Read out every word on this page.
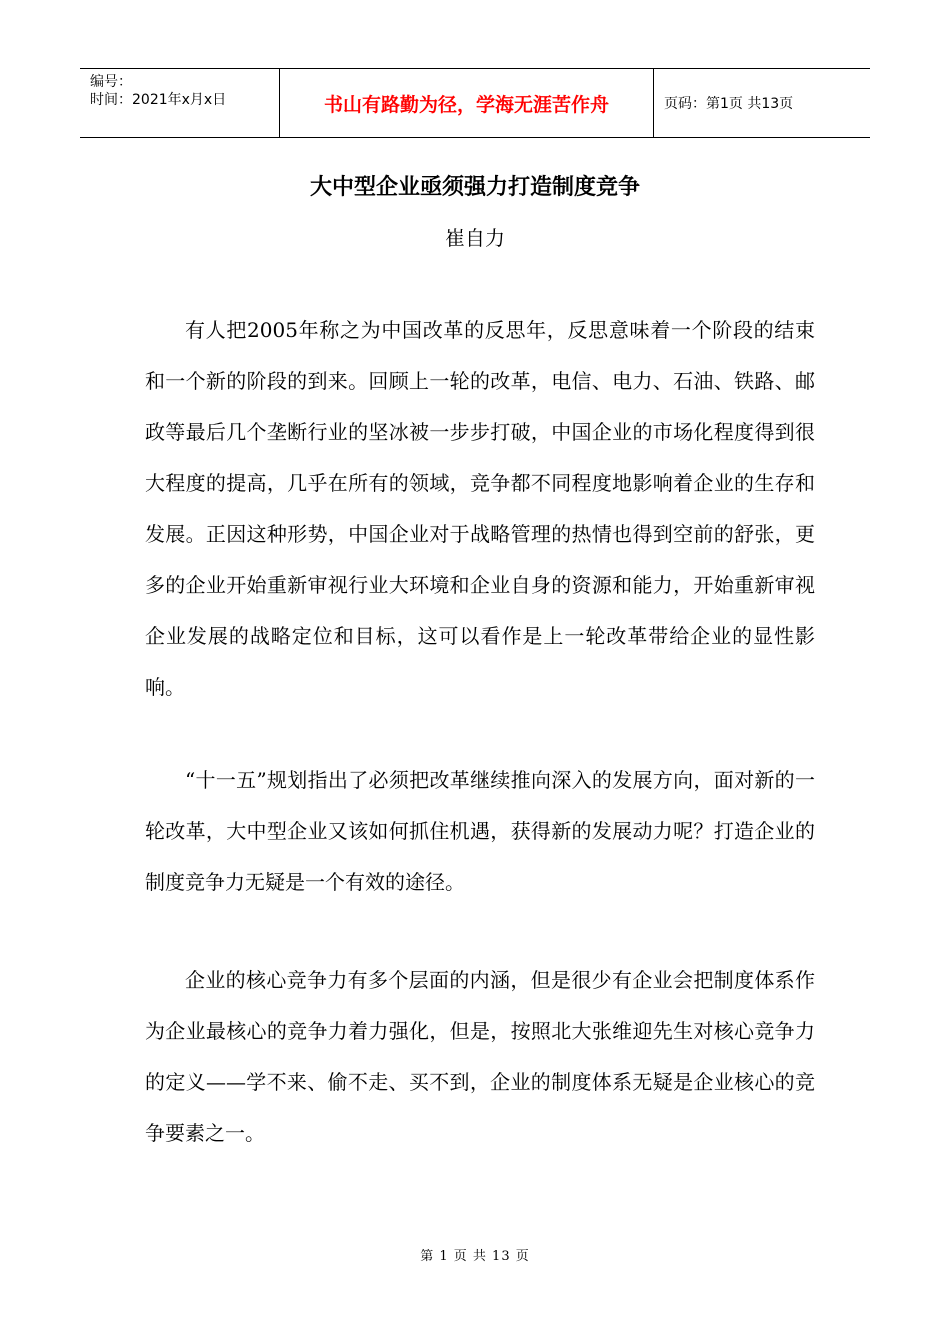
编号：
时间：2021年x月x日	书山有路勤为径，学海无涯苦作舟	页码：第1页 共13页
大中型企业亟须强力打造制度竞争
崔自力

有人把2005年称之为中国改革的反思年，反思意味着一个阶段的结束和一个新的阶段的到来。回顾上一轮的改革，电信、电力、石油、铁路、邮政等最后几个垄断行业的坚冰被一步步打破，中国企业的市场化程度得到很大程度的提高，几乎在所有的领域，竞争都不同程度地影响着企业的生存和发展。正因这种形势，中国企业对于战略管理的热情也得到空前的舒张，更多的企业开始重新审视行业大环境和企业自身的资源和能力，开始重新审视企业发展的战略定位和目标，这可以看作是上一轮改革带给企业的显性影响。

“十一五”规划指出了必须把改革继续推向深入的发展方向，面对新的一轮改革，大中型企业又该如何抓住机遇，获得新的发展动力呢？打造企业的制度竞争力无疑是一个有效的途径。

企业的核心竞争力有多个层面的内涵，但是很少有企业会把制度体系作为企业最核心的竞争力着力强化，但是，按照北大张维迎先生对核心竞争力的定义——学不来、偷不走、买不到，企业的制度体系无疑是企业核心的竞争要素之一。

第 1 页 共 13 页
